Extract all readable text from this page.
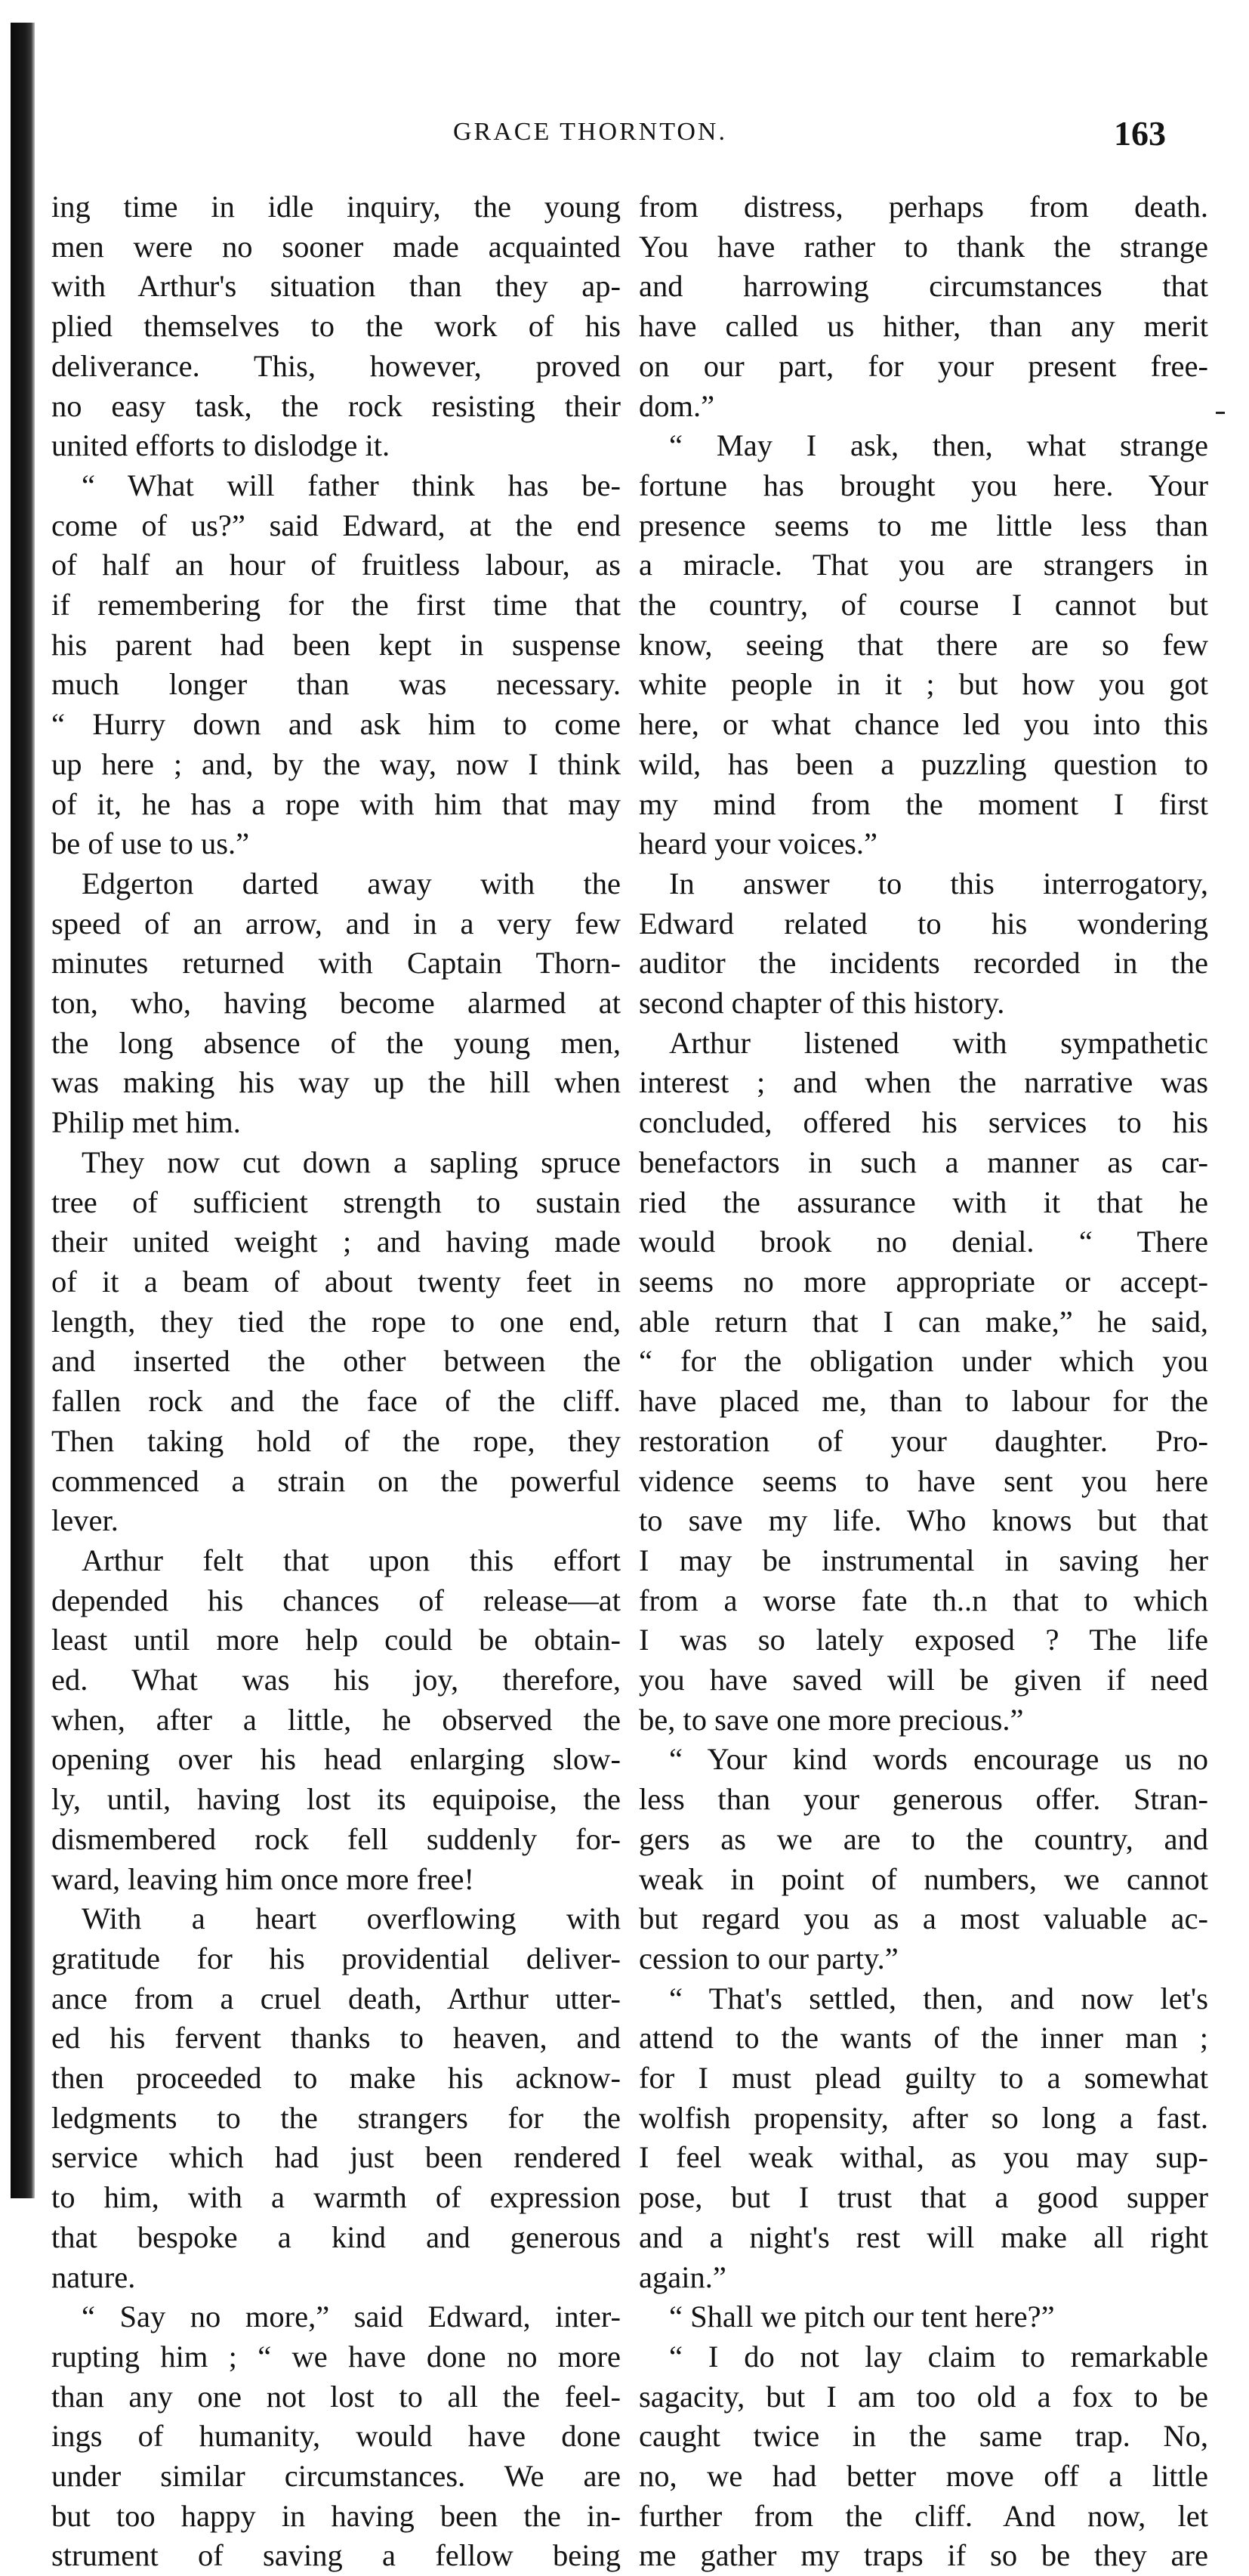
GRACE THORNTON.	163
ing time in idle inquiry, the young
men were no sooner made acquainted
with Arthur's situation than they ap-
plied themselves to the work of his
deliverance. This, however, proved
no easy task, the rock resisting their
united efforts to dislodge it.
“ What will father think has be-
come of us?” said Edward, at the end
of half an hour of fruitless labour, as
if remembering for the first time that
his parent had been kept in suspense
much longer than was necessary.
“ Hurry down and ask him to come
up here ; and, by the way, now I think
of it, he has a rope with him that may
be of use to us.”
Edgerton darted away with the
speed of an arrow, and in a very few
minutes returned with Captain Thorn-
ton, who, having become alarmed at
the long absence of the young men,
was making his way up the hill when
Philip met him.
They now cut down a sapling spruce
tree of sufficient strength to sustain
their united weight ; and having made
of it a beam of about twenty feet in
length, they tied the rope to one end,
and inserted the other between the
fallen rock and the face of the cliff.
Then taking hold of the rope, they
commenced a strain on the powerful
lever.
Arthur felt that upon this effort
depended his chances of release—at
least until more help could be obtain-
ed. What was his joy, therefore,
when, after a little, he observed the
opening over his head enlarging slow-
ly, until, having lost its equipoise, the
dismembered rock fell suddenly for-
ward, leaving him once more free!
With a heart overflowing with
gratitude for his providential deliver-
ance from a cruel death, Arthur utter-
ed his fervent thanks to heaven, and
then proceeded to make his acknow-
ledgments to the strangers for the
service which had just been rendered
to him, with a warmth of expression
that bespoke a kind and generous
nature.
“ Say no more,” said Edward, inter-
rupting him ; “ we have done no more
than any one not lost to all the feel-
ings of humanity, would have done
under similar circumstances. We are
but too happy in having been the in-
strument of saving a fellow being
from distress, perhaps from death.
You have rather to thank the strange
and harrowing circumstances that
have called us hither, than any merit
on our part, for your present free-
dom.”
“ May I ask, then, what strange
fortune has brought you here. Your
presence seems to me little less than
a miracle. That you are strangers in
the country, of course I cannot but
know, seeing that there are so few
white people in it ; but how you got
here, or what chance led you into this
wild, has been a puzzling question to
my mind from the moment I first
heard your voices.”
In answer to this interrogatory,
Edward related to his wondering
auditor the incidents recorded in the
second chapter of this history.
Arthur listened with sympathetic
interest ; and when the narrative was
concluded, offered his services to his
benefactors in such a manner as car-
ried the assurance with it that he
would brook no denial. “ There
seems no more appropriate or accept-
able return that I can make,” he said,
“ for the obligation under which you
have placed me, than to labour for the
restoration of your daughter. Pro-
vidence seems to have sent you here
to save my life. Who knows but that
I may be instrumental in saving her
from a worse fate th..n that to which
I was so lately exposed ? The life
you have saved will be given if need
be, to save one more precious.”
“ Your kind words encourage us no
less than your generous offer. Stran-
gers as we are to the country, and
weak in point of numbers, we cannot
but regard you as a most valuable ac-
cession to our party.”
“ That's settled, then, and now let's
attend to the wants of the inner man ;
for I must plead guilty to a somewhat
wolfish propensity, after so long a fast.
I feel weak withal, as you may sup-
pose, but I trust that a good supper
and a night's rest will make all right
again.”
“ Shall we pitch our tent here?”
“ I do not lay claim to remarkable
sagacity, but I am too old a fox to be
caught twice in the same trap. No,
no, we had better move off a little
further from the cliff. And now, let
me gather my traps if so be they are
